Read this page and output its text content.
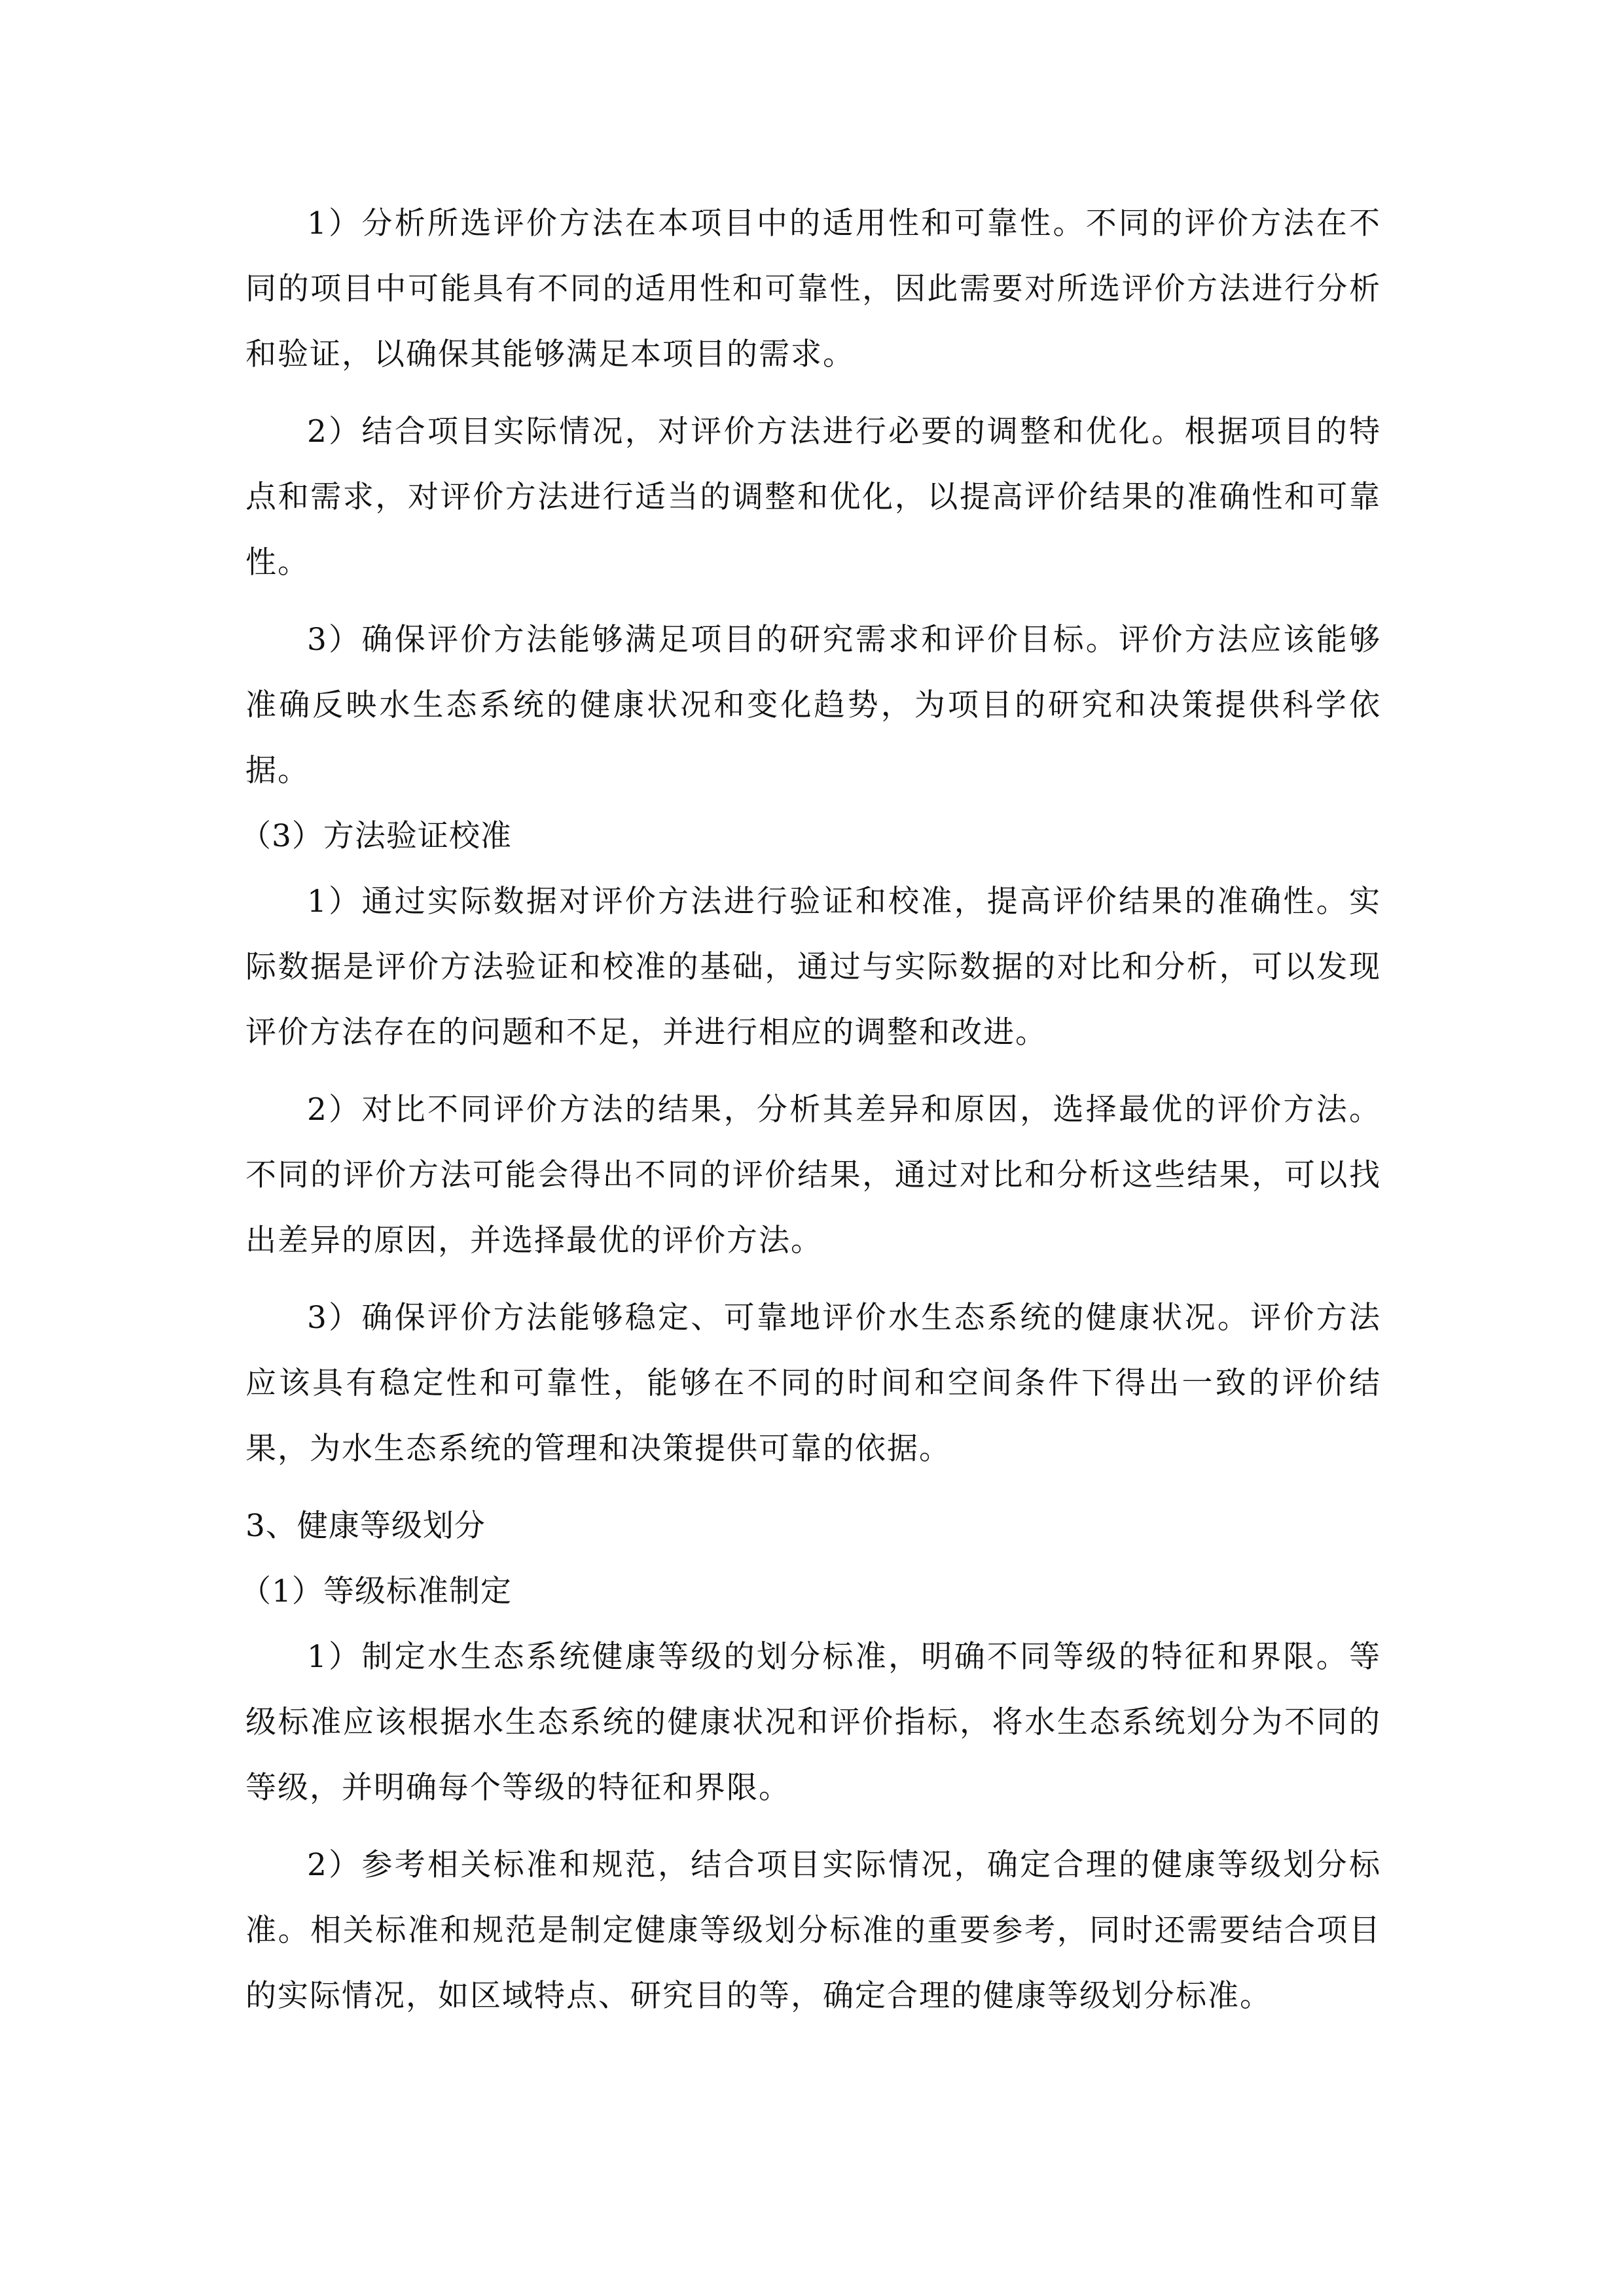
1）分析所选评价方法在本项目中的适用性和可靠性。不同的评价方法在不同的项目中可能具有不同的适用性和可靠性，因此需要对所选评价方法进行分析和验证，以确保其能够满足本项目的需求。

2）结合项目实际情况，对评价方法进行必要的调整和优化。根据项目的特点和需求，对评价方法进行适当的调整和优化，以提高评价结果的准确性和可靠性。

3）确保评价方法能够满足项目的研究需求和评价目标。评价方法应该能够准确反映水生态系统的健康状况和变化趋势，为项目的研究和决策提供科学依据。

（3）方法验证校准

1）通过实际数据对评价方法进行验证和校准，提高评价结果的准确性。实际数据是评价方法验证和校准的基础，通过与实际数据的对比和分析，可以发现评价方法存在的问题和不足，并进行相应的调整和改进。

2）对比不同评价方法的结果，分析其差异和原因，选择最优的评价方法。不同的评价方法可能会得出不同的评价结果，通过对比和分析这些结果，可以找出差异的原因，并选择最优的评价方法。

3）确保评价方法能够稳定、可靠地评价水生态系统的健康状况。评价方法应该具有稳定性和可靠性，能够在不同的时间和空间条件下得出一致的评价结果，为水生态系统的管理和决策提供可靠的依据。

3、健康等级划分

（1）等级标准制定

1）制定水生态系统健康等级的划分标准，明确不同等级的特征和界限。等级标准应该根据水生态系统的健康状况和评价指标，将水生态系统划分为不同的等级，并明确每个等级的特征和界限。

2）参考相关标准和规范，结合项目实际情况，确定合理的健康等级划分标准。相关标准和规范是制定健康等级划分标准的重要参考，同时还需要结合项目的实际情况，如区域特点、研究目的等，确定合理的健康等级划分标准。
